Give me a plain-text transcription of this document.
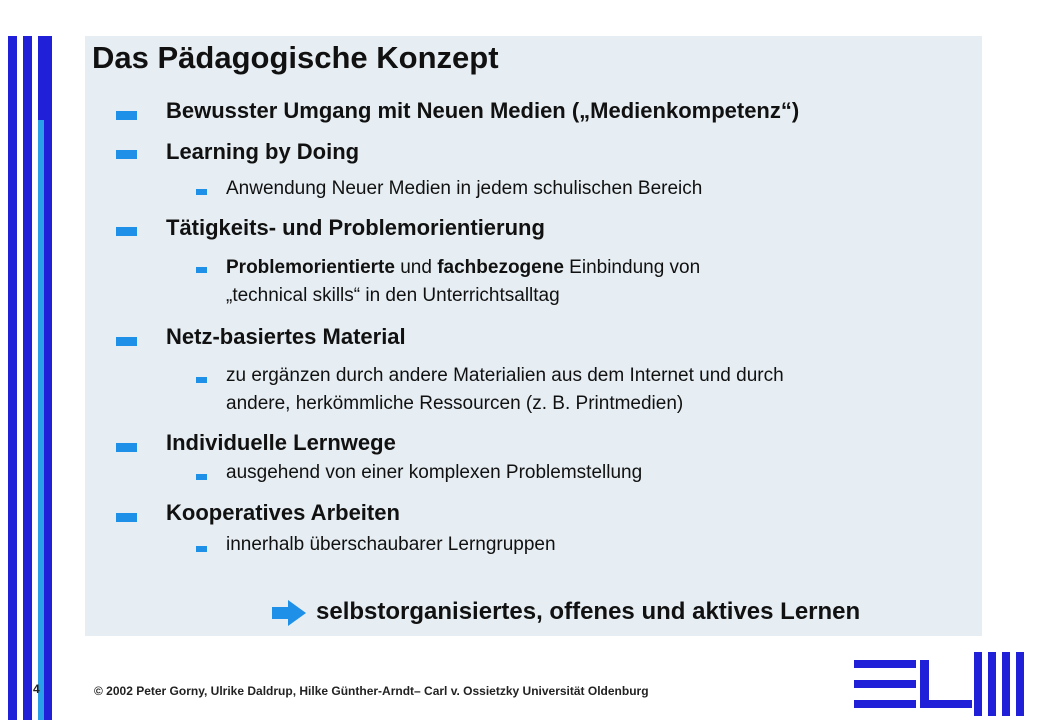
Das Pädagogische Konzept
Bewusster Umgang mit Neuen Medien („Medienkompetenz“)
Learning by Doing
Anwendung Neuer Medien in jedem schulischen Bereich
Tätigkeits- und Problemorientierung
Problemorientierte und fachbezogene Einbindung von
„technical skills“ in den Unterrichtsalltag
Netz-basiertes Material
zu ergänzen durch andere Materialien aus dem Internet und durch
andere, herkömmliche Ressourcen (z. B. Printmedien)
Individuelle Lernwege
ausgehend von einer komplexen Problemstellung
Kooperatives Arbeiten
innerhalb überschaubarer Lerngruppen
selbstorganisiertes, offenes und aktives Lernen
4	© 2002 Peter Gorny, Ulrike Daldrup, Hilke Günther-Arndt– Carl v. Ossietzky Universität Oldenburg
